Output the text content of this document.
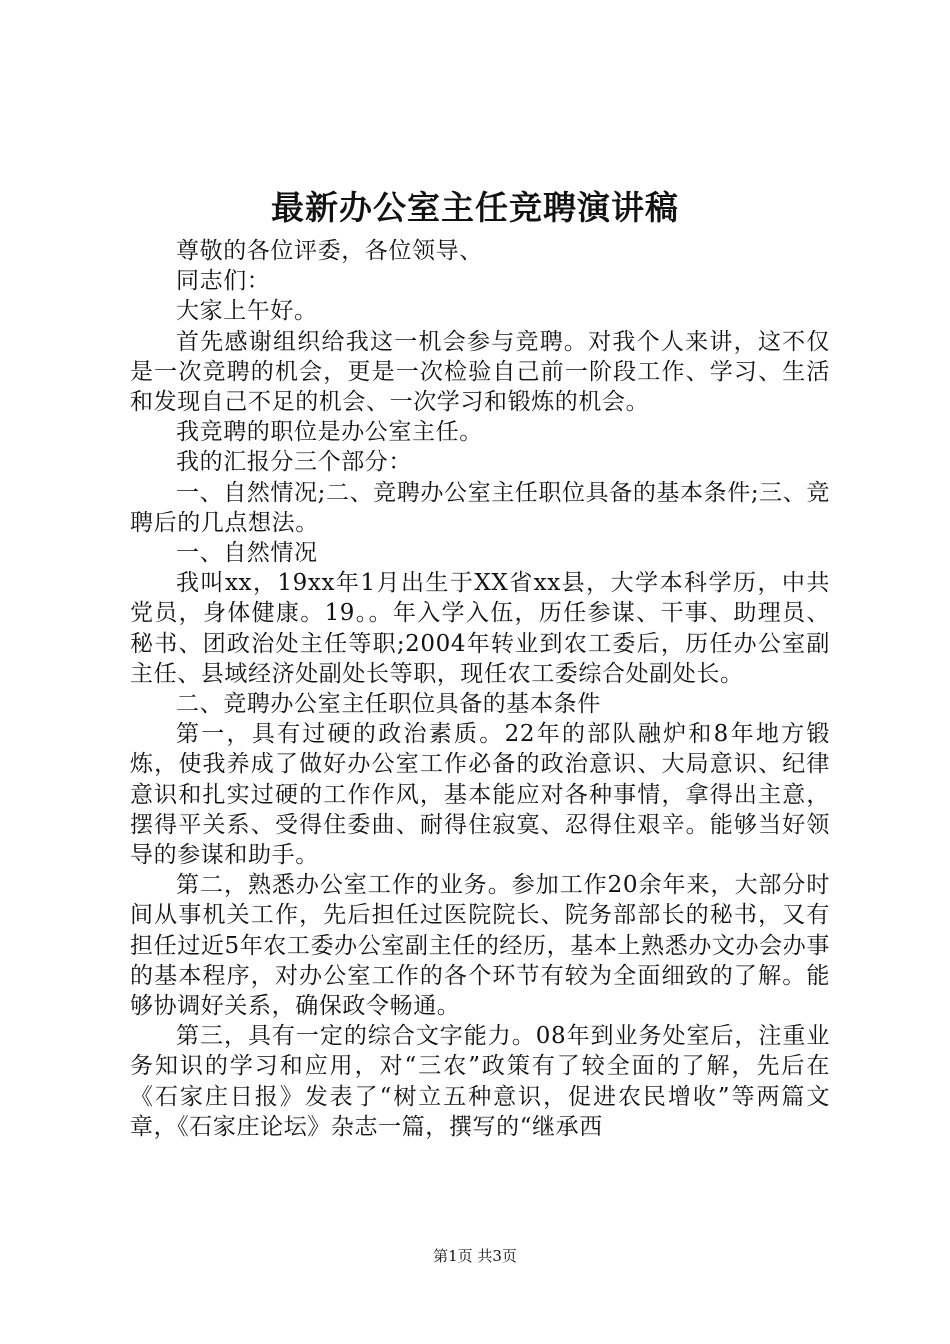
最新办公室主任竞聘演讲稿

尊敬的各位评委，各位领导、

同志们：

大家上午好。

首先感谢组织给我这一机会参与竞聘。对我个人来讲，这不仅是一次竞聘的机会，更是一次检验自己前一阶段工作、学习、生活和发现自己不足的机会、一次学习和锻炼的机会。

我竞聘的职位是办公室主任。

我的汇报分三个部分：

一、自然情况;二、竞聘办公室主任职位具备的基本条件;三、竞聘后的几点想法。

一、自然情况

我叫xx，19xx年1月出生于XX省xx县，大学本科学历，中共党员，身体健康。19。。年入学入伍，历任参谋、干事、助理员、秘书、团政治处主任等职;2004年转业到农工委后，历任办公室副主任、县域经济处副处长等职，现任农工委综合处副处长。

二、竞聘办公室主任职位具备的基本条件

第一，具有过硬的政治素质。22年的部队融炉和8年地方锻炼，使我养成了做好办公室工作必备的政治意识、大局意识、纪律意识和扎实过硬的工作作风，基本能应对各种事情，拿得出主意，摆得平关系、受得住委曲、耐得住寂寞、忍得住艰辛。能够当好领导的参谋和助手。

第二，熟悉办公室工作的业务。参加工作20余年来，大部分时间从事机关工作，先后担任过医院院长、院务部部长的秘书，又有担任过近5年农工委办公室副主任的经历，基本上熟悉办文办会办事的基本程序，对办公室工作的各个环节有较为全面细致的了解。能够协调好关系，确保政令畅通。

第三，具有一定的综合文字能力。08年到业务处室后，注重业务知识的学习和应用，对“三农”政策有了较全面的了解，先后在《石家庄日报》发表了“树立五种意识，促进农民增收”等两篇文章，《石家庄论坛》杂志一篇，撰写的“继承西

第1页 共3页
